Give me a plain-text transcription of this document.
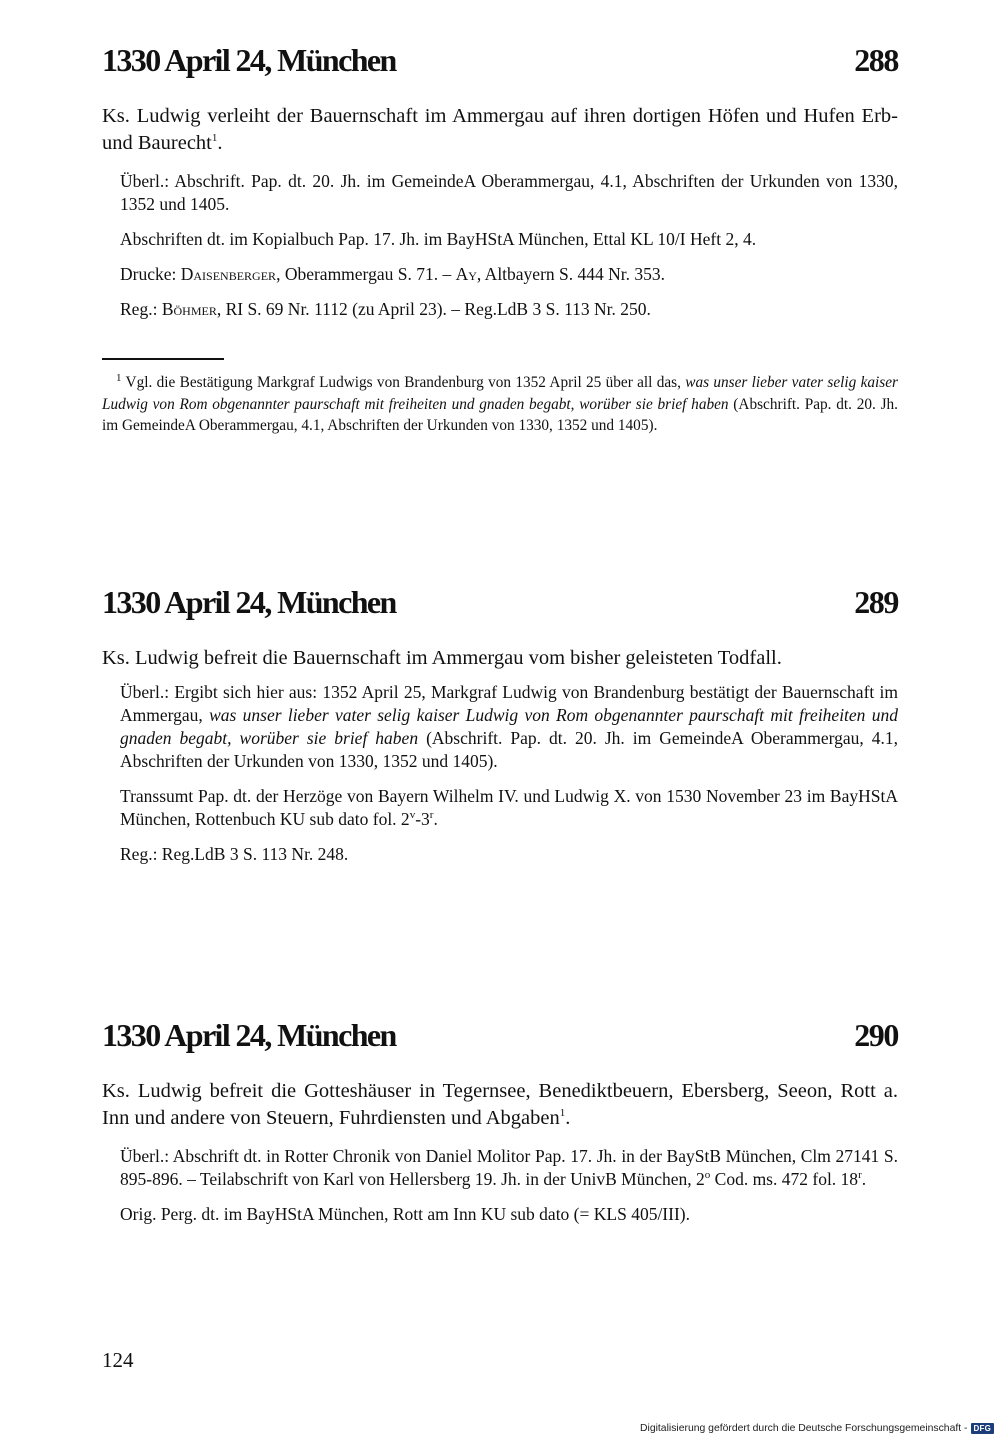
1330 April 24, München	288

Ks. Ludwig verleiht der Bauernschaft im Ammergau auf ihren dortigen Höfen und Hufen Erb- und Baurecht$^1$.

Überl.: Abschrift. Pap. dt. 20. Jh. im GemeindeA Oberammergau, 4.1, Abschriften der Urkunden von 1330, 1352 und 1405.

Abschriften dt. im Kopialbuch Pap. 17. Jh. im BayHStA München, Ettal KL 10/I Heft 2, 4.

Drucke: Daisenberger, Oberammergau S. 71. – Ay, Altbayern S. 444 Nr. 353.

Reg.: Böhmer, RI S. 69 Nr. 1112 (zu April 23). – Reg.LdB 3 S. 113 Nr. 250.

$^1$ Vgl. die Bestätigung Markgraf Ludwigs von Brandenburg von 1352 April 25 über all das, was unser lieber vater selig kaiser Ludwig von Rom obgenannter paurschaft mit freiheiten und gnaden begabt, worüber sie brief haben (Abschrift. Pap. dt. 20. Jh. im GemeindeA Oberammergau, 4.1, Abschriften der Urkunden von 1330, 1352 und 1405).

1330 April 24, München	289

Ks. Ludwig befreit die Bauernschaft im Ammergau vom bisher geleisteten Todfall.

Überl.: Ergibt sich hier aus: 1352 April 25, Markgraf Ludwig von Brandenburg bestätigt der Bauernschaft im Ammergau, was unser lieber vater selig kaiser Ludwig von Rom obgenannter paurschaft mit freiheiten und gnaden begabt, worüber sie brief haben (Abschrift. Pap. dt. 20. Jh. im GemeindeA Oberammergau, 4.1, Abschriften der Urkunden von 1330, 1352 und 1405).

Transsumt Pap. dt. der Herzöge von Bayern Wilhelm IV. und Ludwig X. von 1530 November 23 im BayHStA München, Rottenbuch KU sub dato fol. 2$^v$-3$^r$.

Reg.: Reg.LdB 3 S. 113 Nr. 248.

1330 April 24, München	290

Ks. Ludwig befreit die Gotteshäuser in Tegernsee, Benediktbeuern, Ebersberg, Seeon, Rott a. Inn und andere von Steuern, Fuhrdiensten und Abgaben$^1$.

Überl.: Abschrift dt. in Rotter Chronik von Daniel Molitor Pap. 17. Jh. in der BayStB München, Clm 27141 S. 895-896. – Teilabschrift von Karl von Hellersberg 19. Jh. in der UnivB München, 2$^o$ Cod. ms. 472 fol. 18$^r$.

Orig. Perg. dt. im BayHStA München, Rott am Inn KU sub dato (= KLS 405/III).

124
Digitalisierung gefördert durch die Deutsche Forschungsgemeinschaft - DFG
